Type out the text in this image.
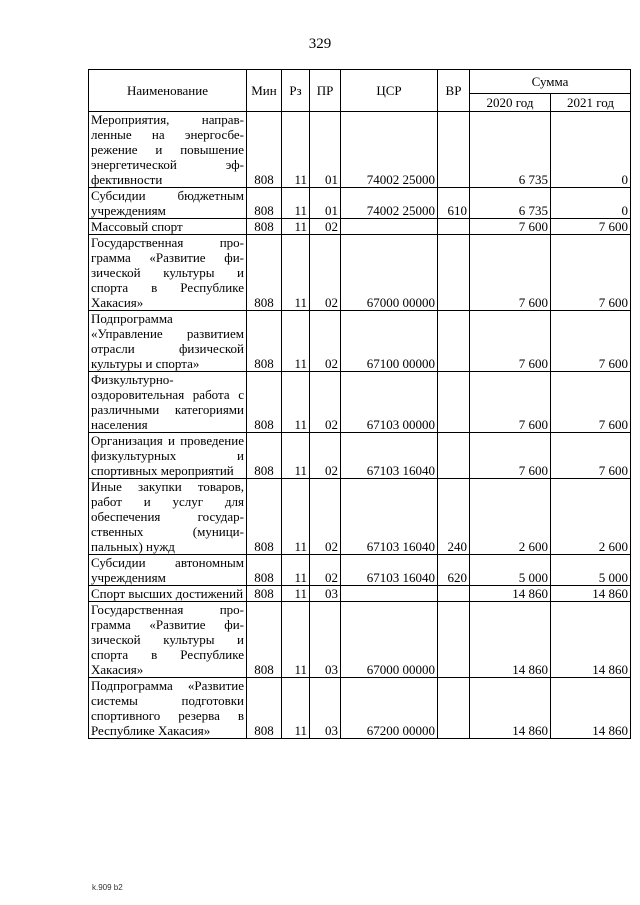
329
Наименование	Мин	Рз	ПР	ЦСР	ВР	Сумма	
						2020 год	2021 год
Мероприятия, направленные на энергосбережение и повышение энергетической эффективности	808	11	01	74002 25000		6 735	0
Субсидии бюджетным учреждениям	808	11	01	74002 25000	610	6 735	0
Массовый спорт	808	11	02			7 600	7 600
Государственная программа «Развитие физической культуры и спорта в Республике Хакасия»	808	11	02	67000 00000		7 600	7 600
Подпрограмма «Управление развитием отрасли физической культуры и спорта»	808	11	02	67100 00000		7 600	7 600
Физкультурно-оздоровительная работа с различными категориями населения	808	11	02	67103 00000		7 600	7 600
Организация и проведение физкультурных и спортивных мероприятий	808	11	02	67103 16040		7 600	7 600
Иные закупки товаров, работ и услуг для обеспечения государственных (муниципальных) нужд	808	11	02	67103 16040	240	2 600	2 600
Субсидии автономным учреждениям	808	11	02	67103 16040	620	5 000	5 000
Спорт высших достижений	808	11	03			14 860	14 860
Государственная программа «Развитие физической культуры и спорта в Республике Хакасия»	808	11	03	67000 00000		14 860	14 860
Подпрограмма «Развитие системы подготовки спортивного резерва в Республике Хакасия»	808	11	03	67200 00000		14 860	14 860
k.909 b2
